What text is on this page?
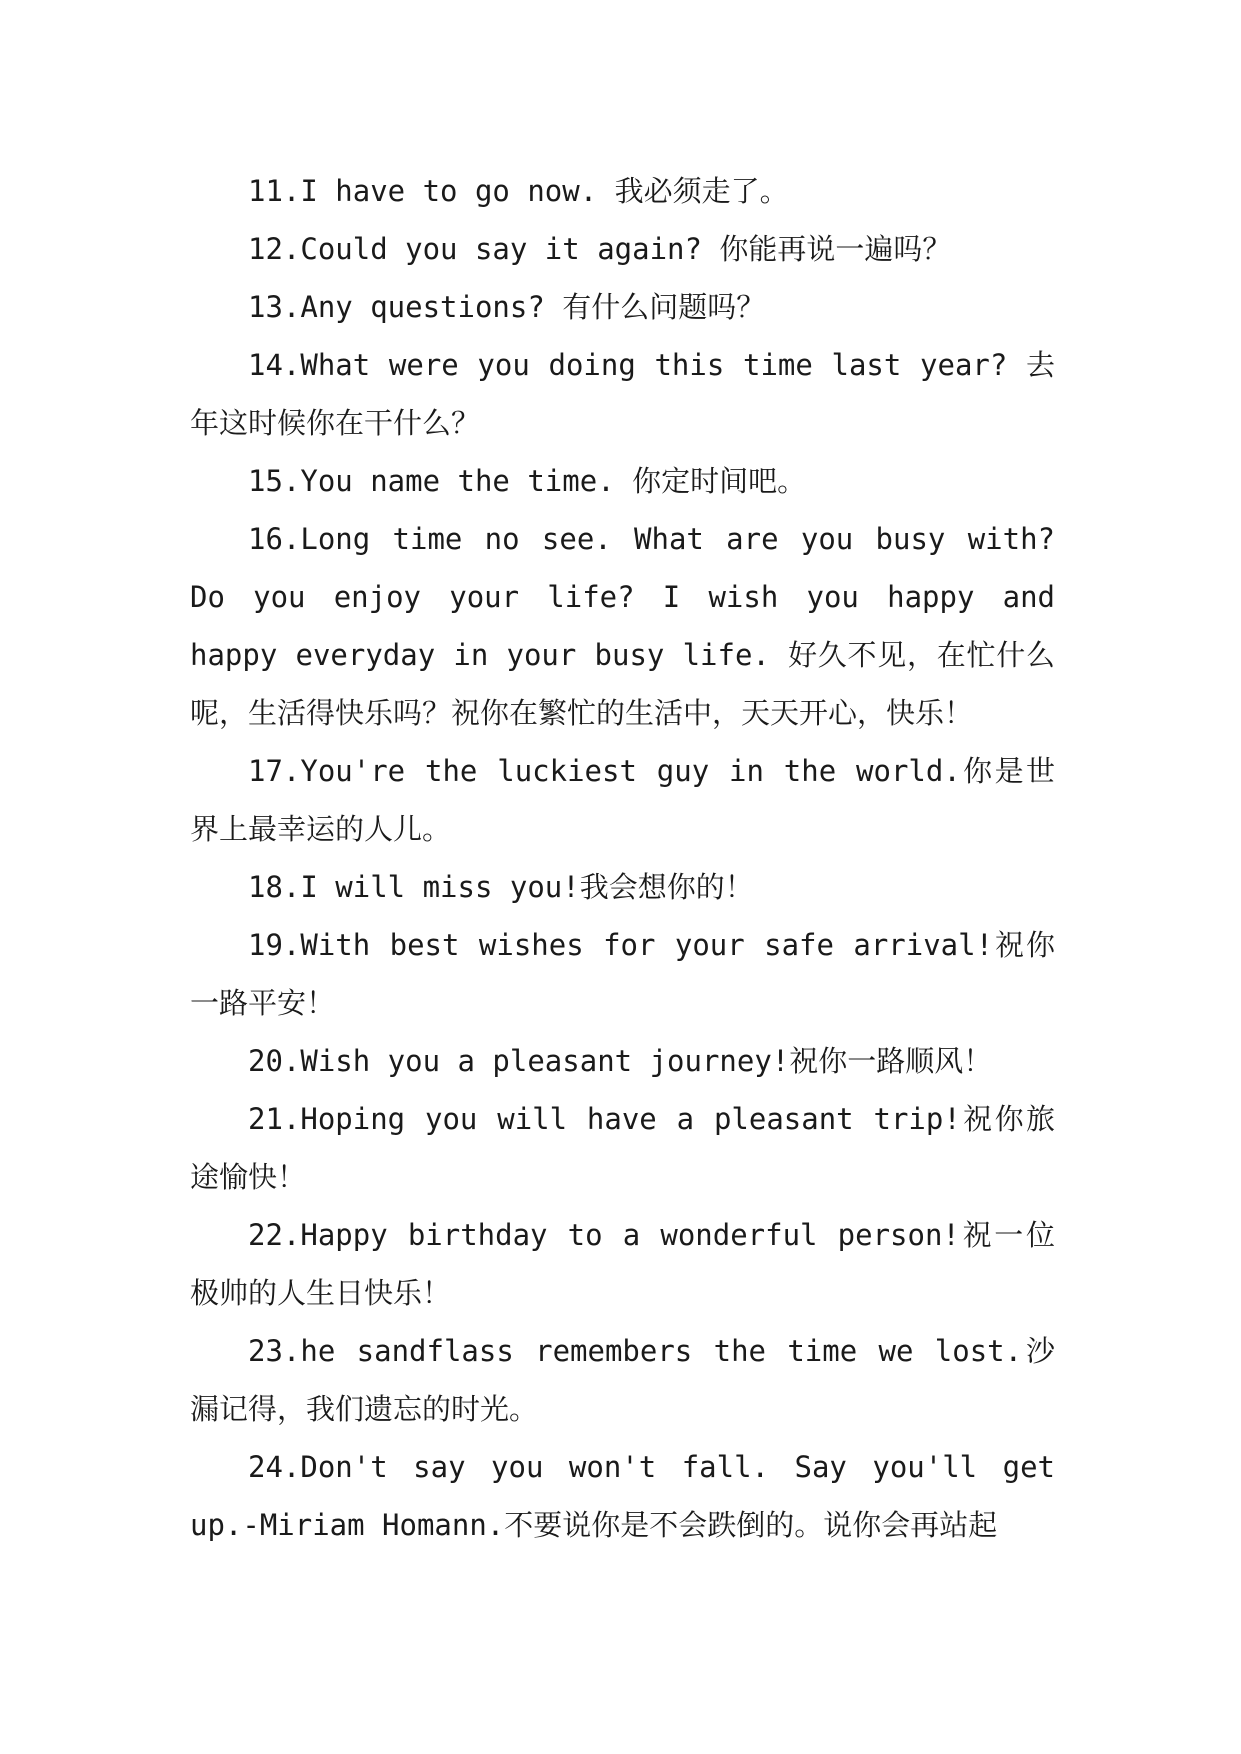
11.I have to go now. 我必须走了。

12.Could you say it again? 你能再说一遍吗？

13.Any questions? 有什么问题吗？

14.What were you doing this time last year? 去年这时候你在干什么？

15.You name the time. 你定时间吧。

16.Long time no see. What are you busy with? Do you enjoy your life? I wish you happy and happy everyday in your busy life. 好久不见，在忙什么呢，生活得快乐吗？祝你在繁忙的生活中，天天开心，快乐！

17.You're the luckiest guy in the world.你是世界上最幸运的人儿。

18.I will miss you!我会想你的！

19.With best wishes for your safe arrival!祝你一路平安！

20.Wish you a pleasant journey!祝你一路顺风！

21.Hoping you will have a pleasant trip!祝你旅途愉快！

22.Happy birthday to a wonderful person!祝一位极帅的人生日快乐！

23.he sandflass remembers the time we lost.沙漏记得，我们遗忘的时光。

24.Don't say you won't fall. Say you'll get up.-Miriam Homann.不要说你是不会跌倒的。说你会再站起
